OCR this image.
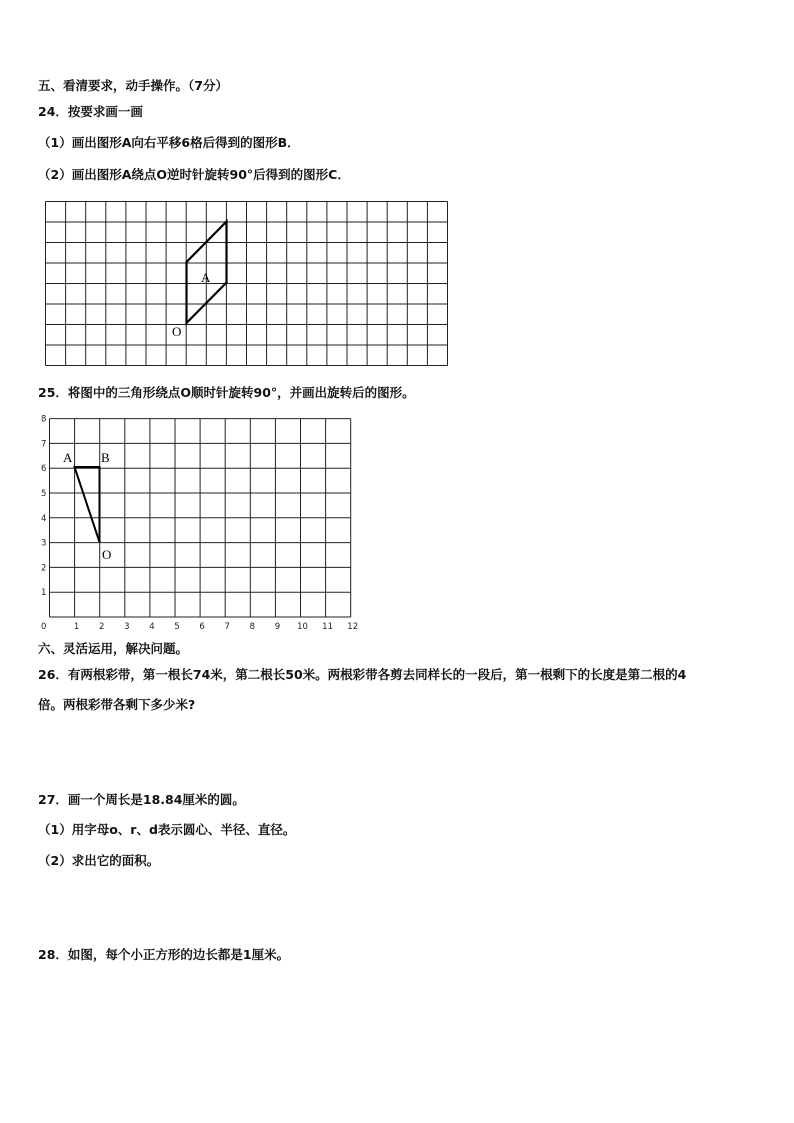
五、看清要求，动手操作。（7分）
24．按要求画一画
（1）画出图形A向右平移6格后得到的图形B．
（2）画出图形A绕点O逆时针旋转90°后得到的图形C．
A
O
25．将图中的三角形绕点O顺时针旋转90°，并画出旋转后的图形。
0	1 2 3 4 5 6 7 8 9 10 11 12
1
2
3
4
5
6
7
8
A B
O
六、灵活运用，解决问题。
26．有两根彩带，第一根长74米，第二根长50米。两根彩带各剪去同样长的一段后，第一根剩下的长度是第二根的4
倍。两根彩带各剩下多少米?
27．画一个周长是18.84厘米的圆。
（1）用字母o、r、d表示圆心、半径、直径。
（2）求出它的面积。
28．如图，每个小正方形的边长都是1厘米。
